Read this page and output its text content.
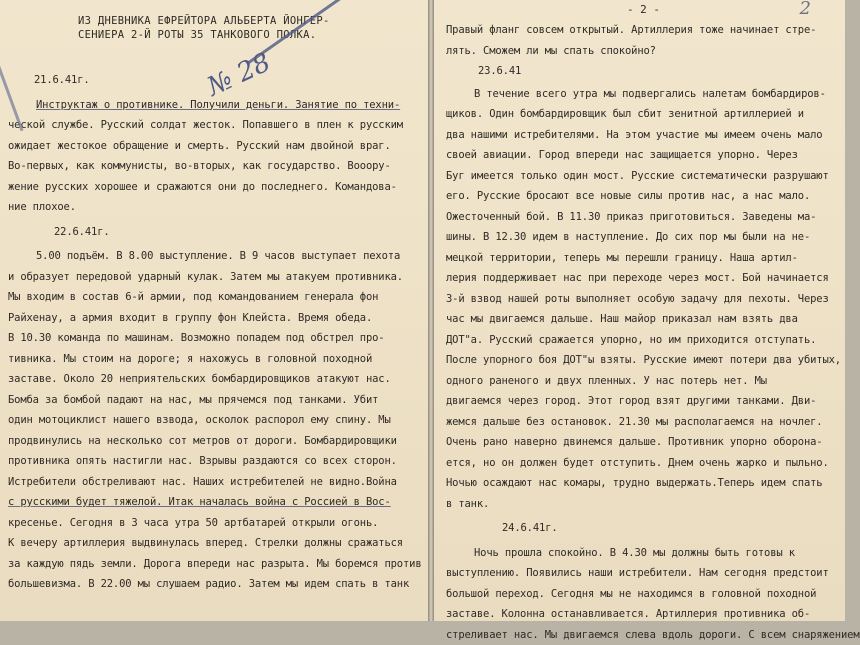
№ 28
ИЗ ДНЕВНИКА ЕФРЕЙТОРА АЛЬБЕРТА ЙОНГЕР-
СЕНИЕРА 2-Й РОТЫ 35 ТАНКОВОГО ПОЛКА.
21.6.41г.
Инструктаж о противнике. Получили деньги. Занятие по техни-
ческой службе. Русский солдат жесток. Попавшего в плен к русским
ожидает жестокое обращение и смерть. Русский нам двойной враг.
Во-первых, как коммунисты, во-вторых, как государство. Вооору-
жение русских хорошее и сражаются они до последнего. Командова-
ние плохое.
22.6.41г.
5.00 подъём. В 8.00 выступление. В 9 часов выступает пехота
и образует передовой ударный кулак. Затем мы атакуем противника.
Мы входим в состав 6-й армии, под командованием генерала фон
Райхенау, а армия входит в группу фон Клейста. Время обеда.
В 10.30 команда по машинам. Возможно попадем под обстрел про-
тивника. Мы стоим на дороге; я нахожусь в головной походной
заставе. Около 20 неприятельских бомбардировщиков атакуют нас.
Бомба за бомбой падают на нас, мы прячемся под танками. Убит
один мотоциклист нашего взвода, осколок распорол ему спину. Мы
продвинулись на несколько сот метров от дороги. Бомбардировщики
противника опять настигли нас. Взрывы раздаются со всех сторон.
Истребители обстреливают нас. Наших истребителей не видно.Война
с русскими будет тяжелой. Итак началась война с Россией в Вос-
кресенье. Сегодня в 3 часа утра 50 артбатарей открыли огонь.
К вечеру артиллерия выдвинулась вперед. Стрелки должны сражаться
за каждую пядь земли. Дорога впереди нас разрыта. Мы боремся против
большевизма. В 22.00 мы слушаем радио. Затем мы идем спать в танк
2
- 2 -
Правый фланг совсем открытый. Артиллерия тоже начинает стре-
лять. Сможем ли мы спать спокойно?
23.6.41
В течение всего утра мы подвергались налетам бомбардиров-
щиков. Один бомбардировщик был сбит зенитной артиллерией и
два нашими истребителями. На этом участие мы имеем очень мало
своей авиации. Город впереди нас защищается упорно. Через
Буг имеется только один мост. Русские систематически разрушают
его. Русские бросают все новые силы против нас, а нас мало.
Ожесточенный бой. В 11.30 приказ приготовиться. Заведены ма-
шины. В 12.30 идем в наступление. До сих пор мы были на не-
мецкой территории, теперь мы перешли границу. Наша артил-
лерия поддерживает нас при переходе через мост. Бой начинается
3-й взвод нашей роты выполняет особую задачу для пехоты. Через
час мы двигаемся дальше. Наш майор приказал нам взять два
ДОТ"а. Русский сражается упорно, но им приходится отступать.
После упорного боя ДОТ"ы взяты. Русские имеют потери два убитых,
одного раненого и двух пленных. У нас потерь нет. Мы
двигаемся через город. Этот город взят другими танками. Дви-
жемся дальше без остановок. 21.30 мы располагаемся на ночлег.
Очень рано наверно двинемся дальше. Противник упорно оборона-
ется, но он должен будет отступить. Днем очень жарко и пыльно.
Ночью осаждают нас комары, трудно выдержать.Теперь идем спать
в танк.
24.6.41г.
Ночь прошла спокойно. В 4.30 мы должны быть готовы к
выступлению. Появились наши истребители. Нам сегодня предстоит
большой переход. Сегодня мы не находимся в головной походной
заставе. Колонна останавливается. Артиллерия противника об-
стреливает нас. Мы двигаемся слева вдоль дороги. С всем снаряжением
